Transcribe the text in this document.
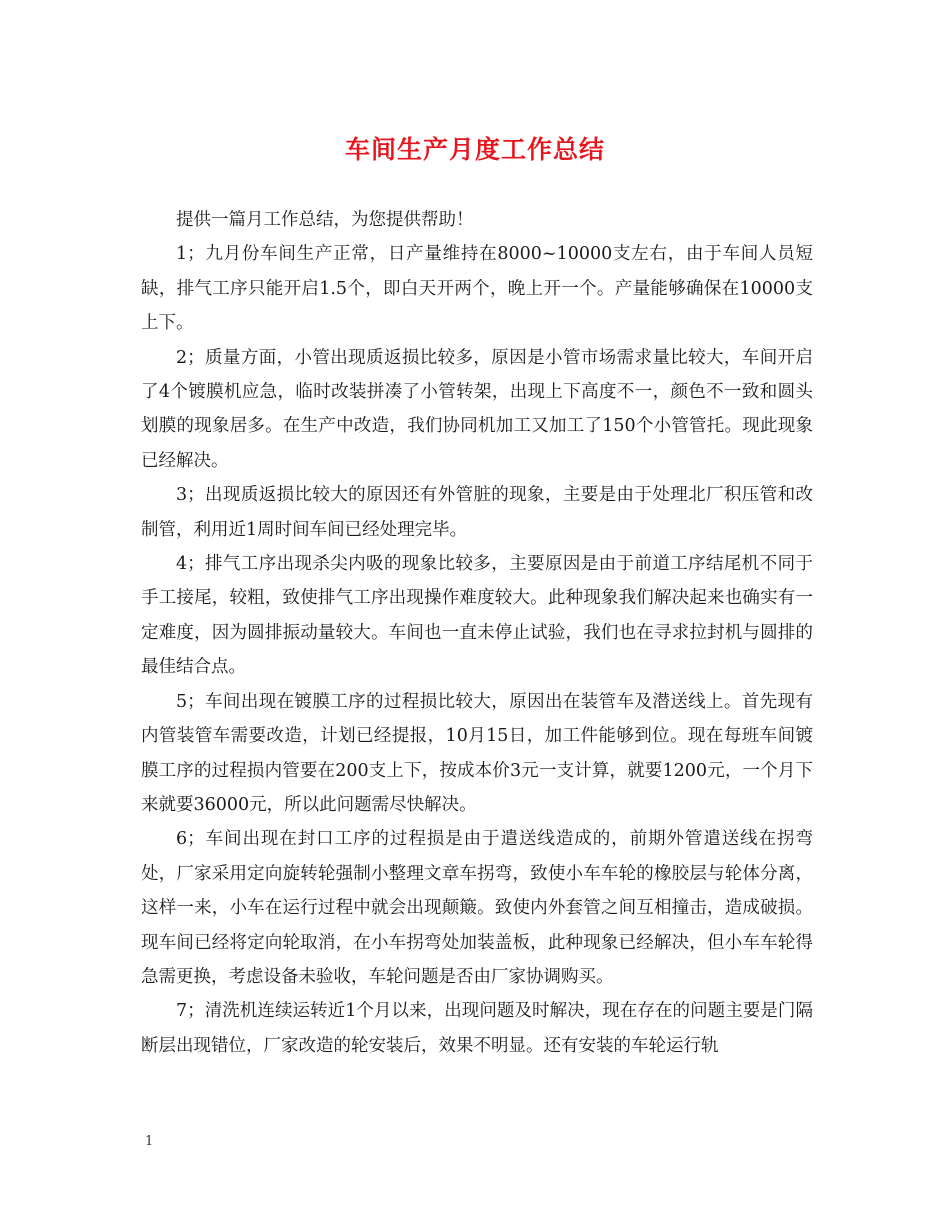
车间生产月度工作总结

提供一篇月工作总结，为您提供帮助！

1；九月份车间生产正常，日产量维持在8000~10000支左右，由于车间人员短缺，排气工序只能开启1.5个，即白天开两个，晚上开一个。产量能够确保在10000支上下。

2；质量方面，小管出现质返损比较多，原因是小管市场需求量比较大，车间开启了4个镀膜机应急，临时改装拼凑了小管转架，出现上下高度不一，颜色不一致和圆头划膜的现象居多。在生产中改造，我们协同机加工又加工了150个小管管托。现此现象已经解决。

3；出现质返损比较大的原因还有外管脏的现象，主要是由于处理北厂积压管和改制管，利用近1周时间车间已经处理完毕。

4；排气工序出现杀尖内吸的现象比较多，主要原因是由于前道工序结尾机不同于手工接尾，较粗，致使排气工序出现操作难度较大。此种现象我们解决起来也确实有一定难度，因为圆排振动量较大。车间也一直未停止试验，我们也在寻求拉封机与圆排的最佳结合点。

5；车间出现在镀膜工序的过程损比较大，原因出在装管车及潜送线上。首先现有内管装管车需要改造，计划已经提报，10月15日，加工件能够到位。现在每班车间镀膜工序的过程损内管要在200支上下，按成本价3元一支计算，就要1200元，一个月下来就要36000元，所以此问题需尽快解决。

6；车间出现在封口工序的过程损是由于遣送线造成的，前期外管遣送线在拐弯处，厂家采用定向旋转轮强制小整理文章车拐弯，致使小车车轮的橡胶层与轮体分离，这样一来，小车在运行过程中就会出现颠簸。致使内外套管之间互相撞击，造成破损。现车间已经将定向轮取消，在小车拐弯处加装盖板，此种现象已经解决，但小车车轮得急需更换，考虑设备未验收，车轮问题是否由厂家协调购买。

7；清洗机连续运转近1个月以来，出现问题及时解决，现在存在的问题主要是门隔断层出现错位，厂家改造的轮安装后，效果不明显。还有安装的车轮运行轨

1
